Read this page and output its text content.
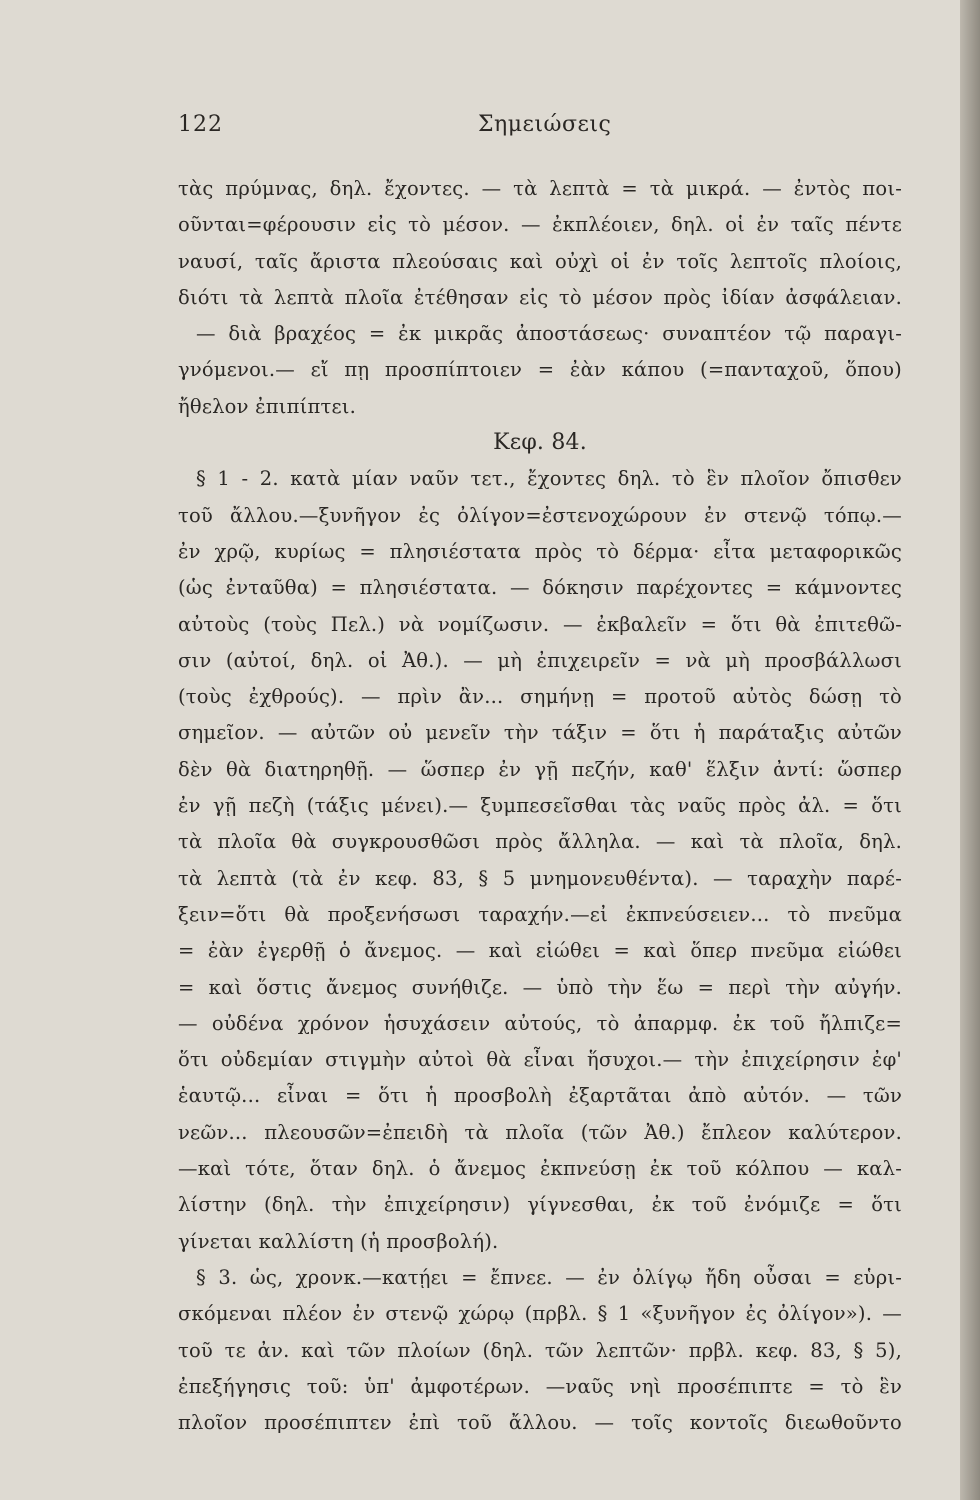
122	Σημειώσεις
τὰς πρύμνας, δηλ. ἔχοντες. — τὰ λεπτὰ = τὰ μικρά. — ἐντὸς ποι-
οῦνται=φέρουσιν εἰς τὸ μέσον. — ἐκπλέοιεν, δηλ. οἱ ἐν ταῖς πέντε
ναυσί, ταῖς ἄριστα πλεούσαις καὶ οὐχὶ οἱ ἐν τοῖς λεπτοῖς πλοίοις,
διότι τὰ λεπτὰ πλοῖα ἐτέθησαν εἰς τὸ μέσον πρὸς ἰδίαν ἀσφάλειαν.
— διὰ βραχέος = ἐκ μικρᾶς ἀποστάσεως· συναπτέον τῷ παραγι-
γνόμενοι.— εἴ πῃ προσπίπτοιεν = ἐὰν κάπου (=πανταχοῦ, ὅπου)
ἤθελον ἐπιπίπτει.
Κεφ. 84.
§ 1 - 2. κατὰ μίαν ναῦν τετ., ἔχοντες δηλ. τὸ ἓν πλοῖον ὄπισθεν
τοῦ ἄλλου.—ξυνῆγον ἐς ὀλίγον=ἐστενοχώρουν ἐν στενῷ τόπῳ.—
ἐν χρῷ, κυρίως = πλησιέστατα πρὸς τὸ δέρμα· εἶτα μεταφορικῶς
(ὡς ἐνταῦθα) = πλησιέστατα. — δόκησιν παρέχοντες = κάμνοντες
αὐτοὺς (τοὺς Πελ.) νὰ νομίζωσιν. — ἐκβαλεῖν = ὅτι θὰ ἐπιτεθῶ-
σιν (αὐτοί, δηλ. οἱ Ἀθ.). — μὴ ἐπιχειρεῖν = νὰ μὴ προσβάλλωσι
(τοὺς ἐχθρούς). — πρὶν ἂν... σημήνῃ = προτοῦ αὐτὸς δώσῃ τὸ
σημεῖον. — αὐτῶν οὐ μενεῖν τὴν τάξιν = ὅτι ἡ παράταξις αὐτῶν
δὲν θὰ διατηρηθῇ. — ὥσπερ ἐν γῇ πεζήν, καθ' ἕλξιν ἀντί: ὥσπερ
ἐν γῇ πεζὴ (τάξις μένει).— ξυμπεσεῖσθαι τὰς ναῦς πρὸς ἀλ. = ὅτι
τὰ πλοῖα θὰ συγκρουσθῶσι πρὸς ἄλληλα. — καὶ τὰ πλοῖα, δηλ.
τὰ λεπτὰ (τὰ ἐν κεφ. 83, § 5 μνημονευθέντα). — ταραχὴν παρέ-
ξειν=ὅτι θὰ προξενήσωσι ταραχήν.—εἰ ἐκπνεύσειεν... τὸ πνεῦμα
= ἐὰν ἐγερθῇ ὁ ἄνεμος. — καὶ εἰώθει = καὶ ὅπερ πνεῦμα εἰώθει
= καὶ ὅστις ἄνεμος συνήθιζε. — ὑπὸ τὴν ἕω = περὶ τὴν αὐγήν.
— οὐδένα χρόνον ἡσυχάσειν αὐτούς, τὸ ἀπαρμφ. ἐκ τοῦ ἤλπιζε=
ὅτι οὐδεμίαν στιγμὴν αὐτοὶ θὰ εἶναι ἥσυχοι.— τὴν ἐπιχείρησιν ἐφ'
ἑαυτῷ... εἶναι = ὅτι ἡ προσβολὴ ἐξαρτᾶται ἀπὸ αὐτόν. — τῶν
νεῶν... πλεουσῶν=ἐπειδὴ τὰ πλοῖα (τῶν Ἀθ.) ἔπλεον καλύτερον.
—καὶ τότε, ὅταν δηλ. ὁ ἄνεμος ἐκπνεύσῃ ἐκ τοῦ κόλπου — καλ-
λίστην (δηλ. τὴν ἐπιχείρησιν) γίγνεσθαι, ἐκ τοῦ ἐνόμιζε = ὅτι
γίνεται καλλίστη (ἡ προσβολή).
§ 3. ὡς, χρονκ.—κατῄει = ἔπνεε. — ἐν ὀλίγῳ ἤδη οὖσαι = εὑρι-
σκόμεναι πλέον ἐν στενῷ χώρῳ (πρβλ. § 1 «ξυνῆγον ἐς ὀλίγον»). —
τοῦ τε ἀν. καὶ τῶν πλοίων (δηλ. τῶν λεπτῶν· πρβλ. κεφ. 83, § 5),
ἐπεξήγησις τοῦ: ὑπ' ἀμφοτέρων. —ναῦς νηὶ προσέπιπτε = τὸ ἓν
πλοῖον προσέπιπτεν ἐπὶ τοῦ ἄλλου. — τοῖς κοντοῖς διεωθοῦντο
